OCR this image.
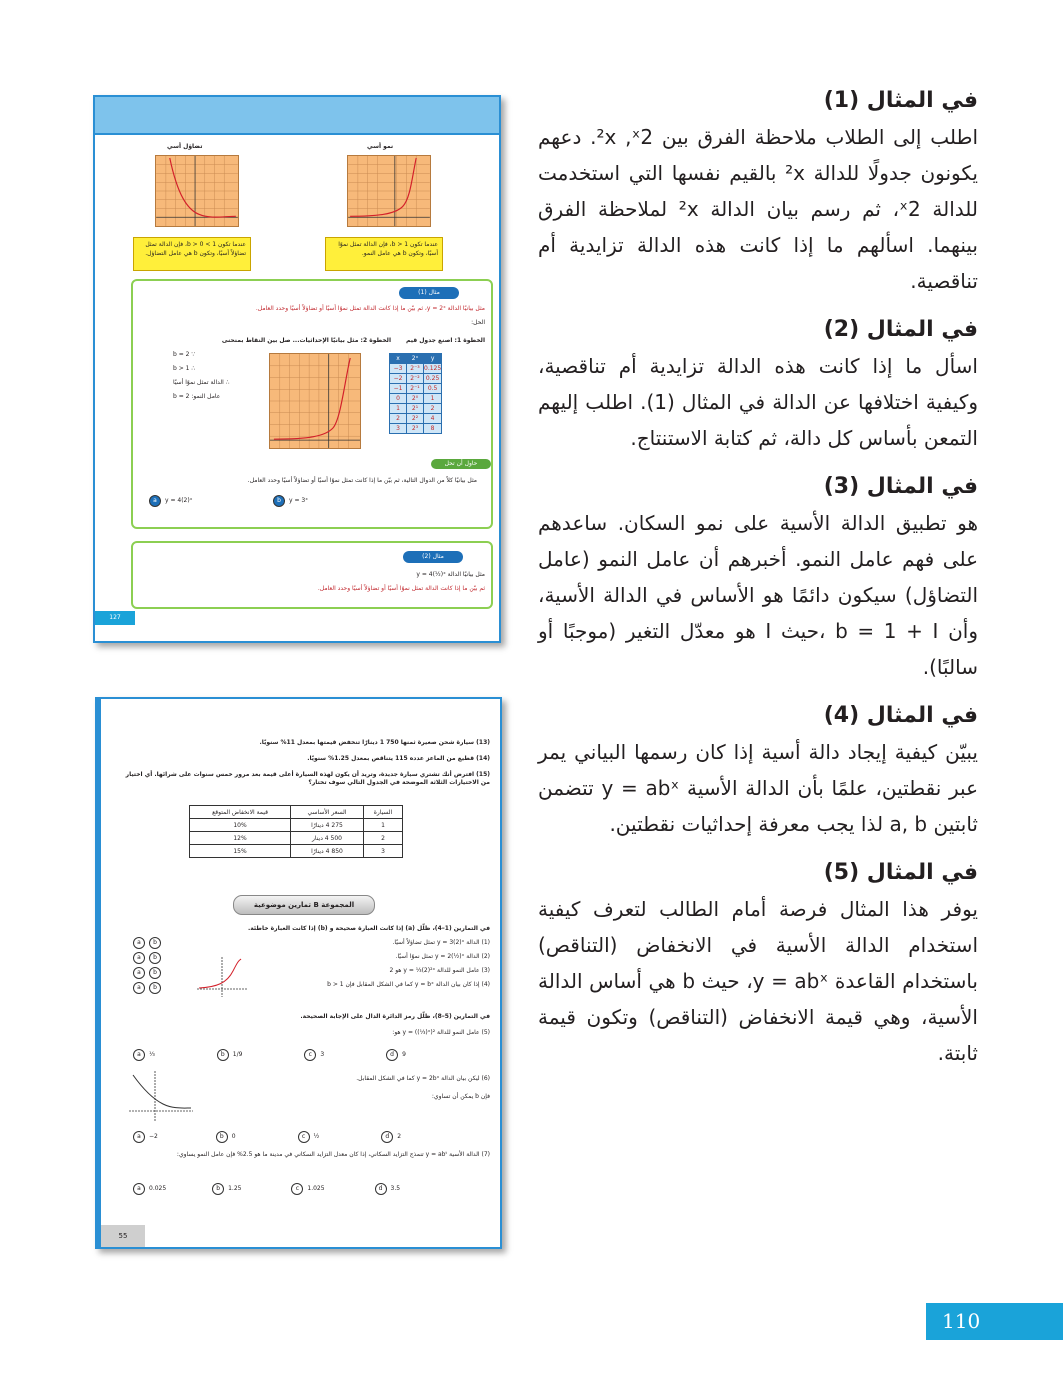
في المثال (1)
اطلب إلى الطلاب ملاحظة الفرق بين ²x ,ˣ2. دعهم يكونون جدولًا للدالة ²x بالقيم نفسها التي استخدمت للدالة ˣ2، ثم رسم بيان الدالة ²x لملاحظة الفرق بينهما. اسألهم ما إذا كانت هذه الدالة تزايدية أم تناقصية.
في المثال (2)
اسأل ما إذا كانت هذه الدالة تزايدية أم تناقصية، وكيفية اختلافها عن الدالة في المثال (1). اطلب إليهم التمعن بأساس كل دالة، ثم كتابة الاستنتاج.
في المثال (3)
هو تطبيق الدالة الأسية على نمو السكان. ساعدهم على فهم عامل النمو. أخبرهم أن عامل النمو (عامل التضاؤل) سيكون دائمًا هو الأساس في الدالة الأسية، وأن b = 1 + I ،حيث I هو معدّل التغير (موجبًا أو سالبًا).
في المثال (4)
يبيّن كيفية إيجاد دالة أسية إذا كان رسمها البياني يمر عبر نقطتين، علمًا بأن الدالة الأسية y = abˣ تتضمن ثابتين a, b لذا يجب معرفة إحداثيات نقطتين.
في المثال (5)
يوفر هذا المثال فرصة أمام الطالب لتعرف كيفية استخدام الدالة الأسية في الانخفاض (التناقص) باستخدام القاعدة y = abˣ، حيث b هي أساس الدالة الأسية، وهي قيمة الانخفاض (التناقص) وتكون قيمة ثابتة.
110
تضاؤل أسي	نمو أسي
عندما تكون 1 > b > 0، فإن الدالة تمثل تضاؤلاً أسيًا، وتكون b هي عامل التضاؤل.
عندما تكون 1 < b، فإن الدالة تمثل نموًا أسيًا، وتكون b هي عامل النمو.
مثال (1)
مثل بيانيًا الدالة y = 2ˣ، ثم بيّن ما إذا كانت الدالة تمثل نموًا أسيًا أو تضاؤلاً أسيًا وحدد العامل.
الحل:
الخطوة 1: اصنع جدول قيم
الخطوة 2: مثل بيانيًا الإحداثيات... صل بين النقاط بمنحنى
x	2ˣ	y
−3	2⁻³	0.125
−2	2⁻²	0.25
−1	2⁻¹	0.5
0	2⁰	1
1	2¹	2
2	2²	4
3	2³	8
∵ b = 2
∴ b > 1
∴ الدالة تمثل نموًا أسيًا
عامل النمو: b = 2
حاول أن تحل
مثل بيانيًا كلاً من الدوال التالية، ثم بيّن ما إذا كانت تمثل نموًا أسيًا أو تضاؤلاً أسيًا وحدد العامل.
a y = 4(2)ˣ	b y = 3ˣ
مثال (2)
مثل بيانيًا الدالة y = 4(½)ˣ
ثم بيّن ما إذا كانت الدالة تمثل نموًا أسيًا أو تضاؤلاً أسيًا وحدد العامل.
127
(13) سيارة شحن صغيرة ثمنها 750 1 دينارًا تنخفض قيمتها بمعدل 11% سنويًا.
(14) قطيع من الماعز عدده 115 يتناقص بمعدل 1.25% سنويًا.
(15) افترض أنك تشتري سيارة جديدة، وتريد أن يكون لهذه السيارة أعلى قيمة بعد مرور خمس سنوات على شرائها. أي اختيار من الاختيارات الثلاثة الموضحة في الجدول التالي سوف تختار؟
السيارة	السعر الأساسي	قيمة الانخفاض المتوقع
1	275 4 دينارًا	10%
2	500 4 دينار	12%
3	850 4 دينارًا	15%
المجموعة B تمارين موضوعية
في التمارين (1–4)، ظلّل (a) إذا كانت العبارة صحيحة و (b) إذا كانت العبارة خاطئة.
(1) الدالة y = 3(2)ˣ تمثل تضاؤلاً أسيًا.
(2) الدالة y = 2(½)ˣ تمثل نموًا أسيًا.
(3) عامل النمو للدالة y = ⅓(2)²ˣ هو 2
(4) إذا كان بيان الدالة y = bˣ كما في الشكل المقابل فإن b > 1
a b
a b
a b
a b
في التمارين (5–8)، ظلّل رمز الدائرة الدال على الإجابة الصحيحة.
(5) عامل النمو للدالة y = ((⅓)ˣ)² هو:
a ⅓	b 1/9	c 3	d 9
(6) ليكن بيان الدالة y = 2bˣ كما في الشكل المقابل.
فإن b يمكن أن تساوي:
a −2	b 0	c ½	d 2
(7) الدالة الأسية y = abᵗ تنمذج التزايد السكاني، إذا كان معدل التزايد السكاني في مدينة ما هو 2.5% فإن عامل النمو يساوي:
a 0.025	b 1.25	c 1.025	d 3.5
55
